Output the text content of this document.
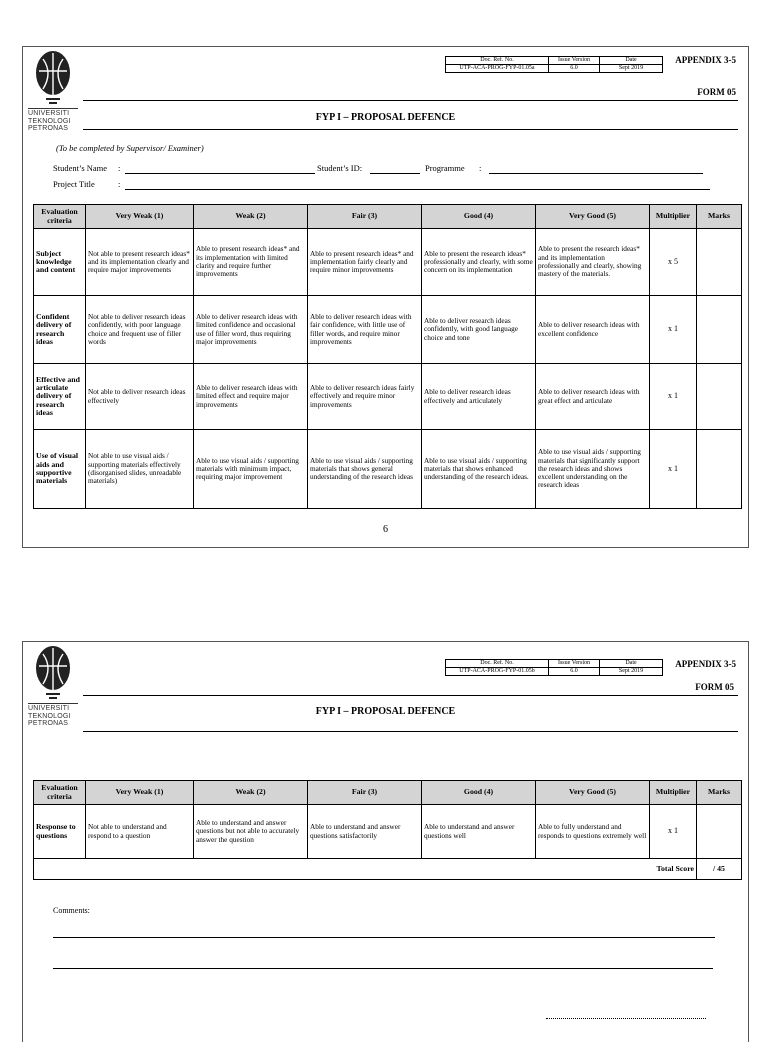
UNIVERSITI
TEKNOLOGI
PETRONAS
Doc. Ref. No.	Issue Version	Date
UTP-ACA-PROG-FYP-01.05a	6.0	Sept 2019
APPENDIX 3-5
FORM 05
FYP I – PROPOSAL DEFENCE
(To be completed by Supervisor/ Examiner)
Student’s Name :	Student’s ID:	Programme :
Project Title	:
Evaluation criteria	Very Weak (1)	Weak (2)	Fair (3)	Good (4)	Very Good (5)	Multiplier	Marks
Subject knowledge and content	Not able to present research ideas* and its implementation clearly and require major improvements	Able to present research ideas* and its implementation with limited clarity and require further improvements	Able to present research ideas* and implementation fairly clearly and require minor improvements	Able to present the research ideas* professionally and clearly, with some concern on its implementation	Able to present the research ideas* and its implementation professionally and clearly, showing mastery of the materials.	x 5	
Confident delivery of research ideas	Not able to deliver research ideas confidently, with poor language choice and frequent use of filler words	Able to deliver research ideas with limited confidence and occasional use of filler word, thus requiring major improvements	Able to deliver research ideas with fair confidence, with little use of filler words, and require minor improvements	Able to deliver research ideas confidently, with good language choice and tone	Able to deliver research ideas with excellent confidence	x 1	
Effective and articulate delivery of research ideas	Not able to deliver research ideas effectively	Able to deliver research ideas with limited effect and require major improvements	Able to deliver research ideas fairly effectively and require minor improvements	Able to deliver research ideas effectively and articulately	Able to deliver research ideas with great effect and articulate	x 1	
Use of visual aids and supportive materials	Not able to use visual aids / supporting materials effectively (disorganised slides, unreadable materials)	Able to use visual aids / supporting materials with minimum impact, requiring major improvement	Able to use visual aids / supporting materials that shows general understanding of the research ideas	Able to use visual aids / supporting materials that shows enhanced understanding of the research ideas.	Able to use visual aids / supporting materials that significantly support the research ideas and shows excellent understanding on the research ideas	x 1	
6
UNIVERSITI
TEKNOLOGI
PETRONAS
Doc. Ref. No.	Issue Version	Date
UTP-ACA-PROG-FYP-01.05b	6.0	Sept 2019
APPENDIX 3-5
FORM 05
FYP I – PROPOSAL DEFENCE
Evaluation criteria	Very Weak (1)	Weak (2)	Fair (3)	Good (4)	Very Good (5)	Multiplier	Marks
Response to questions	Not able to understand and respond to a question	Able to understand and answer questions but not able to accurately answer the question	Able to understand and answer questions satisfactorily	Able to understand and answer questions well	Able to fully understand and responds to questions extremely well	x 1	
Total Score							/ 45
Comments:
